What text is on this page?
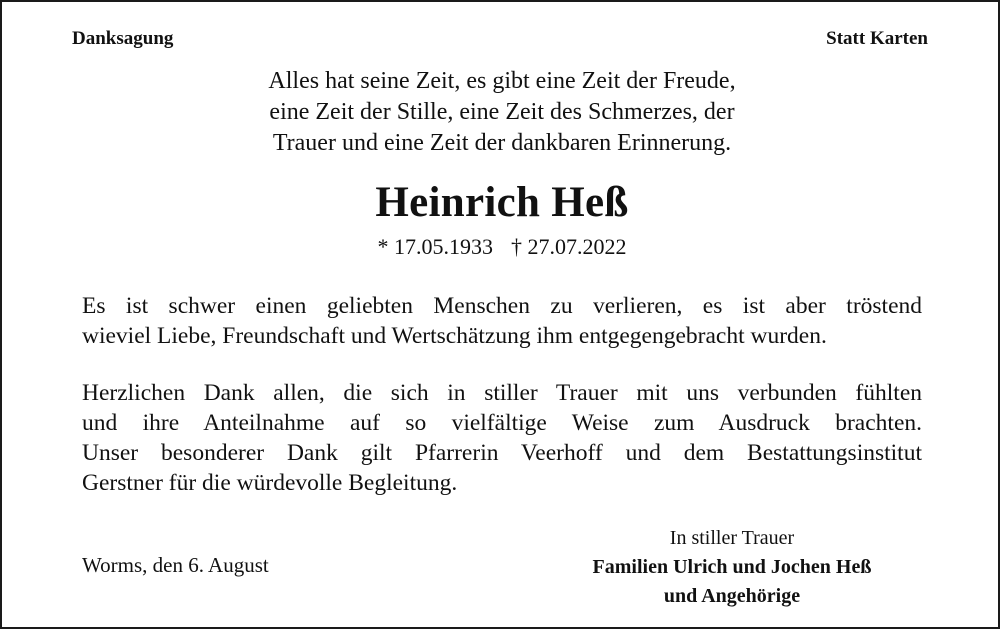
Danksagung	Statt Karten
Alles hat seine Zeit, es gibt eine Zeit der Freude,
eine Zeit der Stille, eine Zeit des Schmerzes, der
Trauer und eine Zeit der dankbaren Erinnerung.
Heinrich Heß
* 17.05.1933 † 27.07.2022
Es ist schwer einen geliebten Menschen zu verlieren, es ist aber tröstend
wieviel Liebe, Freundschaft und Wertschätzung ihm entgegengebracht wurden.
Herzlichen Dank allen, die sich in stiller Trauer mit uns verbunden fühlten
und ihre Anteilnahme auf so vielfältige Weise zum Ausdruck brachten.
Unser besonderer Dank gilt Pfarrerin Veerhoff und dem Bestattungsinstitut
Gerstner für die würdevolle Begleitung.
Worms, den 6. August
In stiller Trauer
Familien Ulrich und Jochen Heß
und Angehörige
